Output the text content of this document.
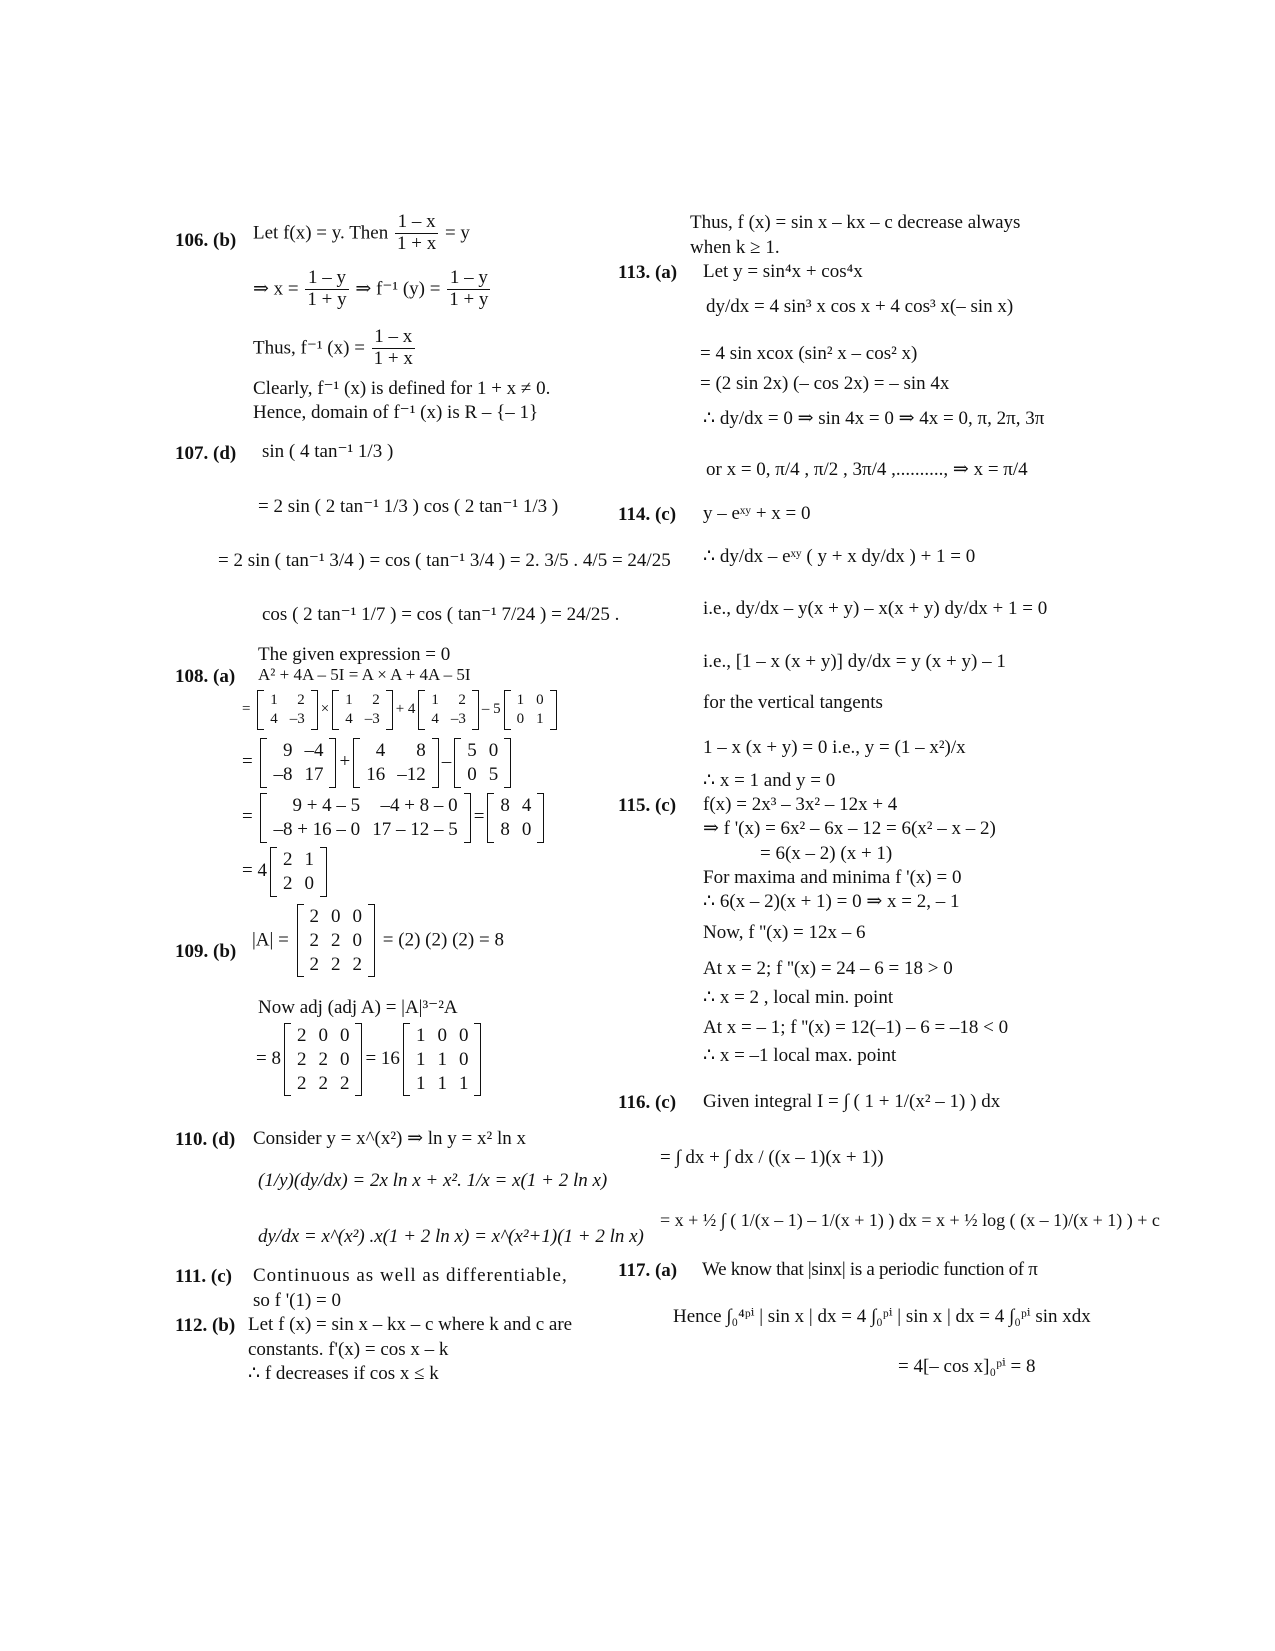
106. (b) Let f(x) = y. Then $\frac{1 - x}{1 + x} = y$
⇒ $x = \frac{1 - y}{1 + y}$ ⇒ f⁻¹ $(y) = \frac{1 - y}{1 + y}$
Thus, f⁻¹ $(x) = \frac{1 - x}{1 + x}$
Clearly, f⁻¹ (x) is defined for 1 + x ≠ 0.
Hence, domain of f⁻¹ (x) is R – {– 1}
107. (d) sin ( 4 tan⁻¹ 1/3 )
= 2 sin ( 2 tan⁻¹ 1/3 ) cos ( 2 tan⁻¹ 1/3 )
= 2 sin ( tan⁻¹ 3/4 ) = cos ( tan⁻¹ 3/4 ) = 2. 3/5 . 4/5 = 24/25
cos ( 2 tan⁻¹ 1/7 ) = cos ( tan⁻¹ 7/24 ) = 24/25 .
The given expression = 0
108. (a) A² + 4A – 5I = A × A + 4A – 5I
=
1	2
4	–3
×
1	2
4	–3
+ 4
1	2
4	–3
– 5
1	0
0	1
=
9	–4
–8	17
+
4	8
16	–12
–
5	0
0	5
=
9 + 4 – 5	–4 + 8 – 0
–8 + 16 – 0	17 – 12 – 5
=
8	4
8	0
= 4
2	1
2	0
109. (b)
|A| =
2	0	0
2	2	0
2	2	2
= (2) (2) (2) = 8
Now adj (adj A) = |A|³⁻²A
= 8
2	0	0
2	2	0
2	2	2
= 16
1	0	0
1	1	0
1	1	1
110. (d) Consider y = x^(x²) ⇒ ln y = x² ln x
(1/y)(dy/dx) = 2x ln x + x². 1/x = x(1 + 2 ln x)
dy/dx = x^(x²) .x(1 + 2 ln x) = x^(x²+1)(1 + 2 ln x)
111. (c) Continuous as well as differentiable,
so f '(1) = 0
112. (b) Let f (x) = sin x – kx – c where k and c are
constants. f'(x) = cos x – k
∴ f decreases if cos x ≤ k
Thus, f (x) = sin x – kx – c decrease always
when k ≥ 1.
113. (a) Let y = sin⁴x + cos⁴x
dy/dx = 4 sin³ x cos x + 4 cos³ x(– sin x)
= 4 sin xcox (sin² x – cos² x)
= (2 sin 2x) (– cos 2x) = – sin 4x
∴ dy/dx = 0 ⇒ sin 4x = 0 ⇒ 4x = 0, π, 2π, 3π
or x = 0, π/4 , π/2 , 3π/4 ,.........., ⇒ x = π/4
114. (c) y – eˣʸ + x = 0
∴ dy/dx – eˣʸ ( y + x dy/dx ) + 1 = 0
i.e., dy/dx – y(x + y) – x(x + y) dy/dx + 1 = 0
i.e., [1 – x (x + y)] dy/dx = y (x + y) – 1
for the vertical tangents
1 – x (x + y) = 0 i.e., y = (1 – x²)/x
∴ x = 1 and y = 0
115. (c) f(x) = 2x³ – 3x² – 12x + 4
⇒ f '(x) = 6x² – 6x – 12 = 6(x² – x – 2)
= 6(x – 2) (x + 1)
For maxima and minima f '(x) = 0
∴ 6(x – 2)(x + 1) = 0 ⇒ x = 2, – 1
Now, f ''(x) = 12x – 6
At x = 2; f ''(x) = 24 – 6 = 18 > 0
∴ x = 2 , local min. point
At x = – 1; f ''(x) = 12(–1) – 6 = –18 < 0
∴ x = –1 local max. point
116. (c) Given integral I = ∫ ( 1 + 1/(x² – 1) ) dx
= ∫ dx + ∫ dx / ((x – 1)(x + 1))
= x + ½ ∫ ( 1/(x – 1) – 1/(x + 1) ) dx = x + ½ log ( (x – 1)/(x + 1) ) + c
117. (a) We know that |sinx| is a periodic function of π
Hence ∫₀⁴ᵖⁱ | sin x | dx = 4 ∫₀ᵖⁱ | sin x | dx = 4 ∫₀ᵖⁱ sin xdx
= 4[– cos x]₀ᵖⁱ = 8
